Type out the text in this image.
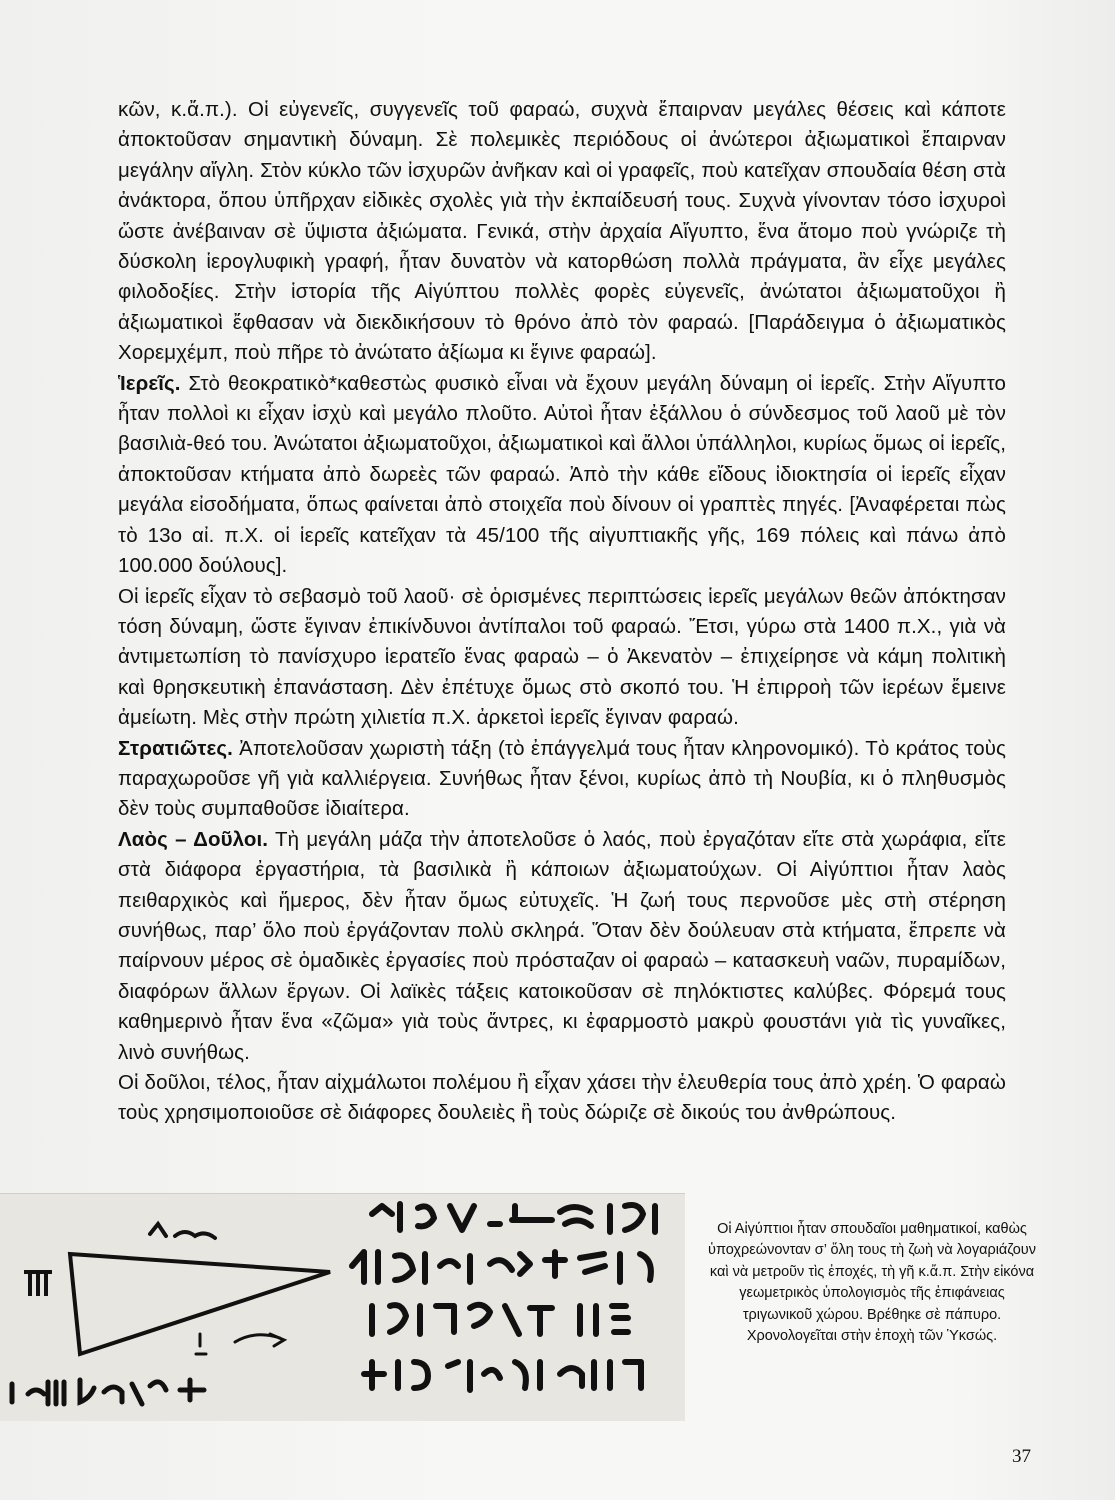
κῶν, κ.ἄ.π.). Οἱ εὐγενεῖς, συγγενεῖς τοῦ φαραώ, συχνὰ ἔπαιρναν μεγάλες θέσεις καὶ κάποτε ἀποκτοῦσαν σημαντικὴ δύναμη. Σὲ πολεμικὲς περιόδους οἱ ἀνώτεροι ἀξιωματικοὶ ἔπαιρναν μεγάλην αἴγλη. Στὸν κύκλο τῶν ἰσχυρῶν ἀνῆκαν καὶ οἱ γραφεῖς, ποὺ κατεῖχαν σπουδαία θέση στὰ ἀνάκτορα, ὅπου ὑπῆρχαν εἰδικὲς σχολὲς γιὰ τὴν ἐκπαίδευσή τους. Συχνὰ γίνονταν τόσο ἰσχυροὶ ὥστε ἀνέβαιναν σὲ ὕψιστα ἀξιώματα. Γενικά, στὴν ἀρχαία Αἴγυπτο, ἕνα ἄτομο ποὺ γνώριζε τὴ δύσκολη ἱερογλυφικὴ γραφή, ἦταν δυνατὸν νὰ κατορθώση πολλὰ πράγματα, ἂν εἶχε μεγάλες φιλοδοξίες. Στὴν ἱστορία τῆς Αἰγύπτου πολλὲς φορὲς εὐγενεῖς, ἀνώτατοι ἀξιωματοῦχοι ἢ ἀξιωματικοὶ ἔφθασαν νὰ διεκδικήσουν τὸ θρόνο ἀπὸ τὸν φαραώ. [Παράδειγμα ὁ ἀξιωματικὸς Χορεμχέμπ, ποὺ πῆρε τὸ ἀνώτατο ἀξίωμα κι ἔγινε φαραώ].

Ἱερεῖς. Στὸ θεοκρατικὸ*καθεστὼς φυσικὸ εἶναι νὰ ἔχουν μεγάλη δύναμη οἱ ἱερεῖς. Στὴν Αἴγυπτο ἦταν πολλοὶ κι εἶχαν ἰσχὺ καὶ μεγάλο πλοῦτο. Αὐτοὶ ἦταν ἐξάλλου ὁ σύνδεσμος τοῦ λαοῦ μὲ τὸν βασιλιὰ-θεό του. Ἀνώτατοι ἀξιωματοῦχοι, ἀξιωματικοὶ καὶ ἄλλοι ὑπάλληλοι, κυρίως ὅμως οἱ ἱερεῖς, ἀποκτοῦσαν κτήματα ἀπὸ δωρεὲς τῶν φαραώ. Ἀπὸ τὴν κάθε εἴδους ἰδιοκτησία οἱ ἱερεῖς εἶχαν μεγάλα εἰσοδήματα, ὅπως φαίνεται ἀπὸ στοιχεῖα ποὺ δίνουν οἱ γραπτὲς πηγές. [Ἀναφέρεται πὼς τὸ 13ο αἰ. π.Χ. οἱ ἱερεῖς κατεῖχαν τὰ 45/100 τῆς αἰγυπτιακῆς γῆς, 169 πόλεις καὶ πάνω ἀπὸ 100.000 δούλους].

Οἱ ἱερεῖς εἶχαν τὸ σεβασμὸ τοῦ λαοῦ· σὲ ὁρισμένες περιπτώσεις ἱερεῖς μεγάλων θεῶν ἀπόκτησαν τόση δύναμη, ὥστε ἔγιναν ἐπικίνδυνοι ἀντίπαλοι τοῦ φαραώ. Ἔτσι, γύρω στὰ 1400 π.Χ., γιὰ νὰ ἀντιμετωπίση τὸ πανίσχυρο ἱερατεῖο ἕνας φαραὼ – ὁ Ἀκενατὸν – ἐπιχείρησε νὰ κάμη πολιτικὴ καὶ θρησκευτικὴ ἐπανάσταση. Δὲν ἐπέτυχε ὅμως στὸ σκοπό του. Ἡ ἐπιρροὴ τῶν ἱερέων ἔμεινε ἀμείωτη. Μὲς στὴν πρώτη χιλιετία π.Χ. ἀρκετοὶ ἱερεῖς ἔγιναν φαραώ.

Στρατιῶτες. Ἀποτελοῦσαν χωριστὴ τάξη (τὸ ἐπάγγελμά τους ἦταν κληρονομικό). Τὸ κράτος τοὺς παραχωροῦσε γῆ γιὰ καλλιέργεια. Συνήθως ἦταν ξένοι, κυρίως ἀπὸ τὴ Νουβία, κι ὁ πληθυσμὸς δὲν τοὺς συμπαθοῦσε ἰδιαίτερα.

Λαὸς – Δοῦλοι. Τὴ μεγάλη μάζα τὴν ἀποτελοῦσε ὁ λαός, ποὺ ἐργαζόταν εἴτε στὰ χωράφια, εἴτε στὰ διάφορα ἐργαστήρια, τὰ βασιλικὰ ἢ κάποιων ἀξιωματούχων. Οἱ Αἰγύπτιοι ἦταν λαὸς πειθαρχικὸς καὶ ἥμερος, δὲν ἦταν ὅμως εὐτυχεῖς. Ἡ ζωή τους περνοῦσε μὲς στὴ στέρηση συνήθως, παρ’ ὅλο ποὺ ἐργάζονταν πολὺ σκληρά. Ὅταν δὲν δούλευαν στὰ κτήματα, ἔπρεπε νὰ παίρνουν μέρος σὲ ὁμαδικὲς ἐργασίες ποὺ πρόσταζαν οἱ φαραὼ – κατασκευὴ ναῶν, πυραμίδων, διαφόρων ἄλλων ἔργων. Οἱ λαϊκὲς τάξεις κατοικοῦσαν σὲ πηλόκτιστες καλύβες. Φόρεμά τους καθημερινὸ ἦταν ἕνα «ζῶμα» γιὰ τοὺς ἄντρες, κι ἐφαρμοστὸ μακρὺ φουστάνι γιὰ τὶς γυναῖκες, λινὸ συνήθως.

Οἱ δοῦλοι, τέλος, ἦταν αἰχμάλωτοι πολέμου ἢ εἶχαν χάσει τὴν ἐλευθερία τους ἀπὸ χρέη. Ὁ φαραὼ τοὺς χρησιμοποιοῦσε σὲ διάφορες δουλειὲς ἢ τοὺς δώριζε σὲ δικούς του ἀνθρώπους.

Οἱ Αἰγύπτιοι ἦταν σπουδαῖοι μαθηματικοί, καθὼς ὑποχρεώνονταν σ’ ὅλη τους τὴ ζωὴ νὰ λογαριάζουν καὶ νὰ μετροῦν τὶς ἐποχές, τὴ γῆ κ.ἄ.π. Στὴν εἰκόνα γεωμετρικὸς ὑπολογισμὸς τῆς ἐπιφάνειας τριγωνικοῦ χώρου. Βρέθηκε σὲ πάπυρο. Χρονολογεῖται στὴν ἐποχὴ τῶν Ὑκσώς.
37
